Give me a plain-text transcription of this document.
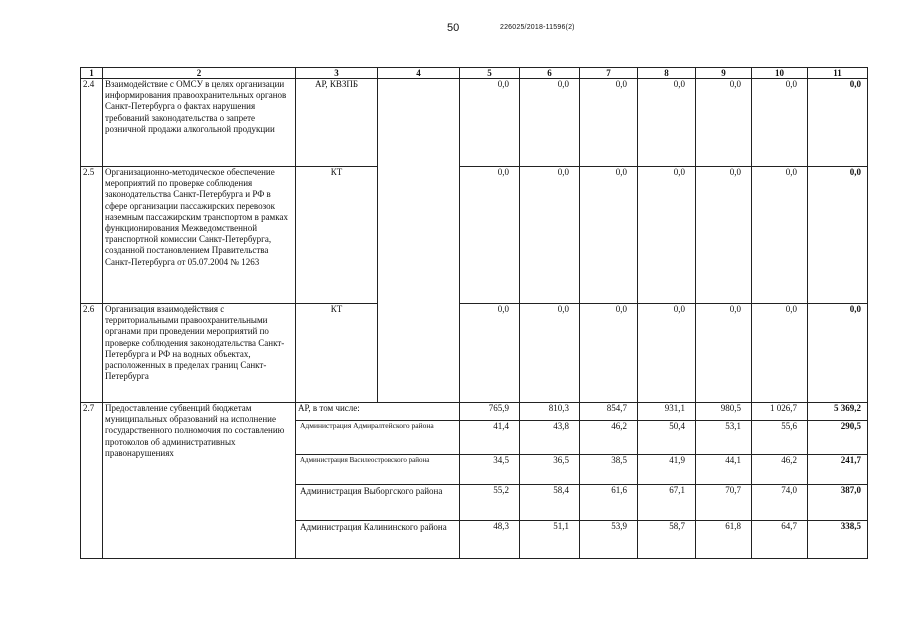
50	226025/2018-11596(2)
1	2	3	4	5	6	7	8	9	10	11
2.4	Взаимодействие с ОМСУ в целях организации информирования правоохранительных органов Санкт-Петербурга о фактах нарушения требований законодательства о запрете розничной продажи алкогольной продукции	АР, КВЗПБ		0,0	0,0	0,0	0,0	0,0	0,0	0,0
2.5	Организационно-методическое обеспечение мероприятий по проверке соблюдения законодательства Санкт-Петербурга и РФ в сфере организации пассажирских перевозок наземным пассажирским транспортом в рамках функционирования Межведомственной транспортной комиссии Санкт-Петербурга, созданной постановлением Правительства Санкт-Петербурга от 05.07.2004 № 1263	КТ		0,0	0,0	0,0	0,0	0,0	0,0	0,0
2.6	Организация взаимодействия с территориальными правоохранительными органами при проведении мероприятий по проверке соблюдения законодательства Санкт-Петербурга и РФ на водных объектах, расположенных в пределах границ Санкт-Петербурга	КТ		0,0	0,0	0,0	0,0	0,0	0,0	0,0
2.7	Предоставление субвенций бюджетам муниципальных образований на исполнение государственного полномочия по составлению протоколов об административных правонарушениях	АР, в том числе:		765,9	810,3	854,7	931,1	980,5	1 026,7	5 369,2
		Администрация Адмиралтейского района		41,4	43,8	46,2	50,4	53,1	55,6	290,5
		Администрация Василеостровского района		34,5	36,5	38,5	41,9	44,1	46,2	241,7
		Администрация Выборгского района		55,2	58,4	61,6	67,1	70,7	74,0	387,0
		Администрация Калининского района		48,3	51,1	53,9	58,7	61,8	64,7	338,5
